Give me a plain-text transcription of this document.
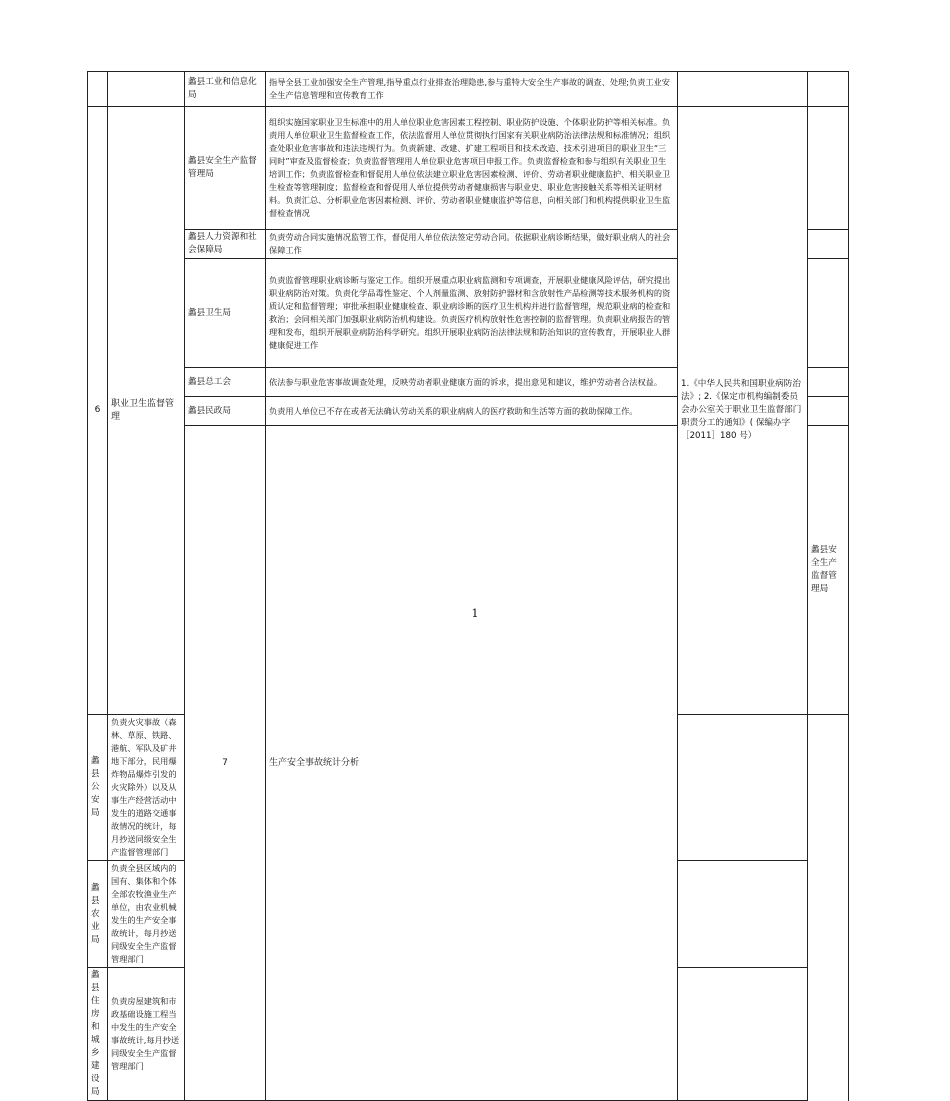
		蠡县工业和信息化局	指导全县工业加强安全生产管理,指导重点行业排查治理隐患,参与重特大安全生产事故的调查、处理;负责工业安全生产信息管理和宣传教育工作			
6	职业卫生监督管理	蠡县安全生产监督管理局	组织实施国家职业卫生标准中的用人单位职业危害因素工程控制、职业防护设施、个体职业防护等相关标准。负责用人单位职业卫生监督检查工作，依法监督用人单位贯彻执行国家有关职业病防治法律法规和标准情况；组织查处职业危害事故和违法违规行为。负责新建、改建、扩建工程项目和技术改造、技术引进项目的职业卫生“三同时”审查及监督检查；负责监督管理用人单位职业危害项目申报工作。负责监督检查和参与组织有关职业卫生培训工作；负责监督检查和督促用人单位依法建立职业危害因素检测、评价、劳动者职业健康监护、相关职业卫生检查等管理制度；监督检查和督促用人单位提供劳动者健康损害与职业史、职业危害接触关系等相关证明材料。负责汇总、分析职业危害因素检测、评价、劳动者职业健康监护等信息，向相关部门和机构提供职业卫生监督检查情况	1.《中华人民共和国职业病防治法》; 2.《保定市机构编制委员会办公室关于职业卫生监督部门职责分工的通知》( 保编办字［2011］180 号）		
		蠡县人力资源和社会保障局	负责劳动合同实施情况监管工作，督促用人单位依法签定劳动合同。依据职业病诊断结果，做好职业病人的社会保障工作			
		蠡县卫生局	负责监督管理职业病诊断与鉴定工作。组织开展重点职业病监测和专项调查，开展职业健康风险评估，研究提出职业病防治对策。负责化学品毒性鉴定、个人剂量监测、放射防护器材和含放射性产品检测等技术服务机构的资质认定和监督管理；审批承担职业健康检查、职业病诊断的医疗卫生机构并进行监督管理，规范职业病的检查和救治；会同相关部门加强职业病防治机构建设。负责医疗机构放射性危害控制的监督管理。负责职业病报告的管理和发布，组织开展职业病防治科学研究。组织开展职业病防治法律法规和防治知识的宣传教育，开展职业人群健康促进工作			
		蠡县总工会	依法参与职业危害事故调查处理，反映劳动者职业健康方面的诉求，提出意见和建议，维护劳动者合法权益。			
		蠡县民政局	负责用人单位已不存在或者无法确认劳动关系的职业病病人的医疗救助和生活等方面的救助保障工作。			
		7	生产安全事故统计分析		蠡县安全生产监督管理局			
蠡县公安局	负责火灾事故（森林、草原、铁路、港航、军队及矿井地下部分，民用爆炸物品爆炸引发的火灾除外）以及从事生产经营活动中发生的道路交通事故情况的统计，每月抄送同级安全生产监督管理部门					
蠡县农业局	负责全县区域内的国有、集体和个体全部农牧渔业生产单位，由农业机械发生的生产安全事故统计，每月抄送同级安全生产监督管理部门					
蠡县住房和城乡建设局	负责房屋建筑和市政基础设施工程当中发生的生产安全事故统计,每月抄送同级安全生产监督管理部门					
1
